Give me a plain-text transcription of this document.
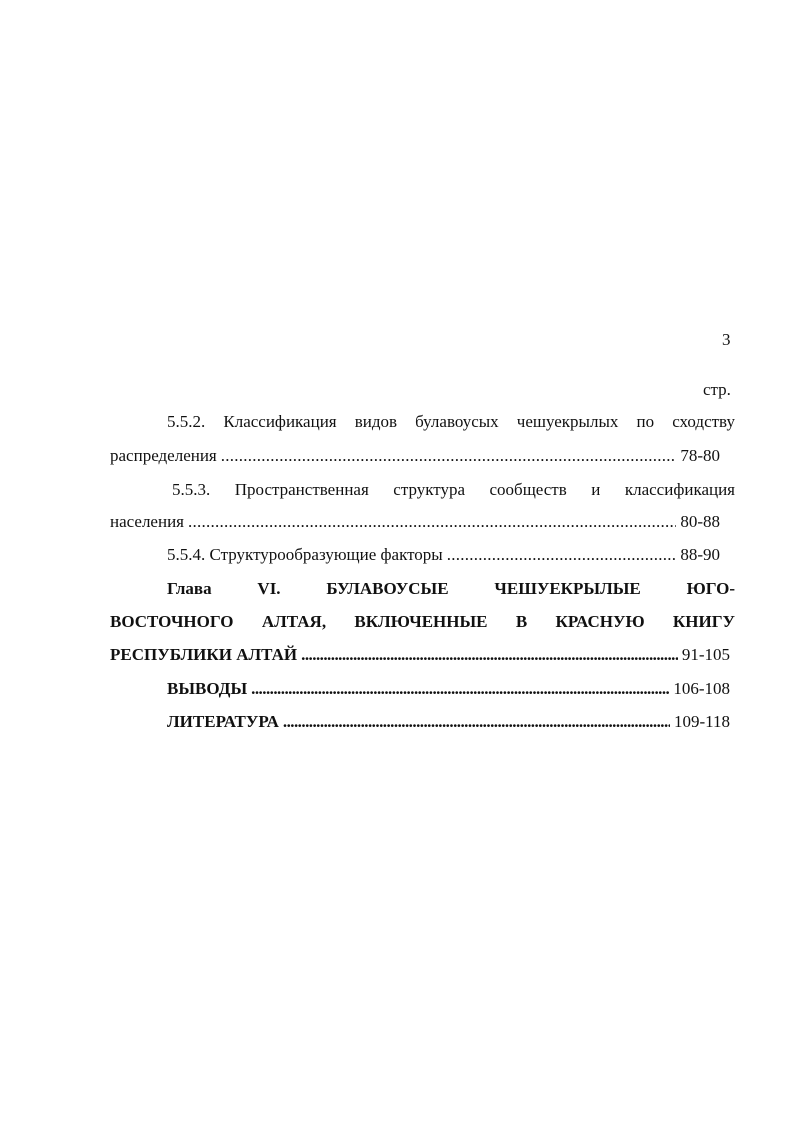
3
стр.
5.5.2. Классификация видов булавоусых чешуекрылых по сходству
распределения . . .	78-80
5.5.3. Пространственная структура сообществ и классификация
населения . . .	80-88
5.5.4. Структурообразующие факторы . . .	88-90
Глава VI. БУЛАВОУСЫЕ ЧЕШУЕКРЫЛЫЕ ЮГО-
ВОСТОЧНОГО АЛТАЯ, ВКЛЮЧЕННЫЕ В КРАСНУЮ КНИГУ
РЕСПУБЛИКИ АЛТАЙ . . .	91-105
ВЫВОДЫ . . .	106-108
ЛИТЕРАТУРА . . .	109-118
